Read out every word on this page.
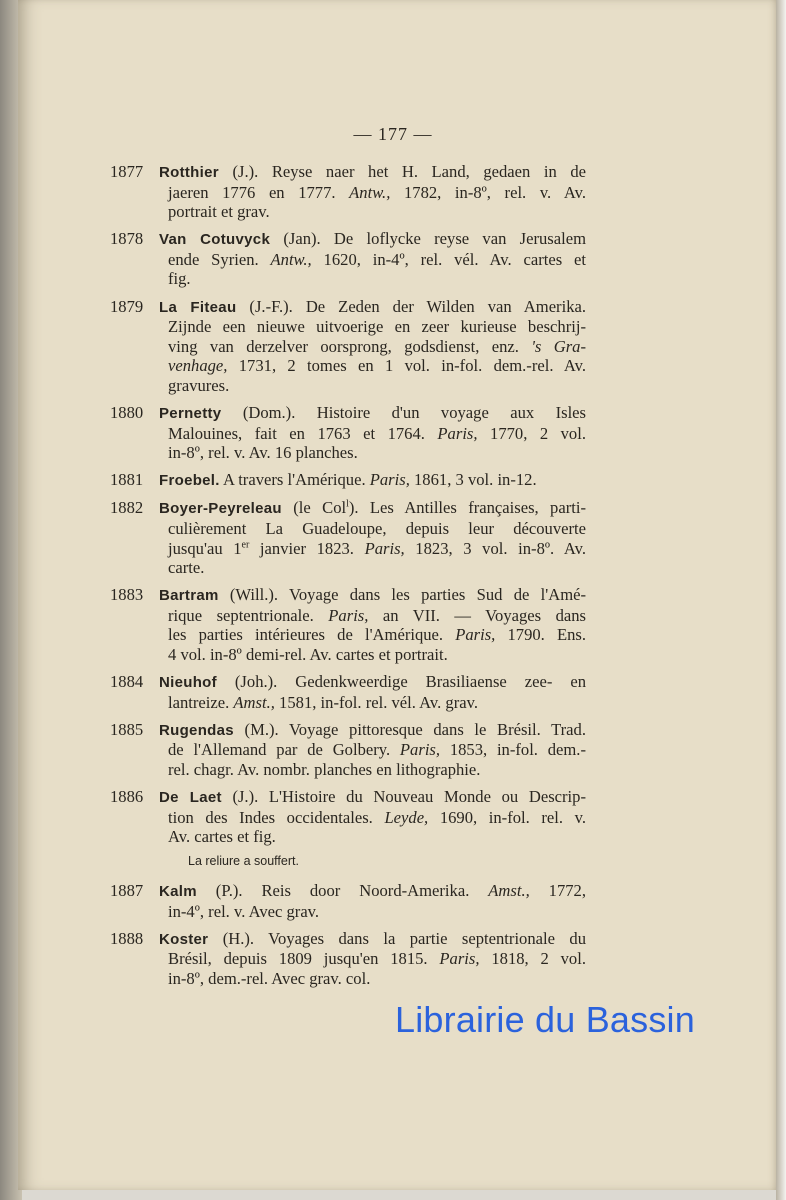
— 177 —
1877 Rotthier (J.). Reyse naer het H. Land, gedaen in de
jaeren 1776 en 1777. Antw., 1782, in-8º, rel. v. Av.
portrait et grav.
1878 Van Cotuvyck (Jan). De loflycke reyse van Jerusalem
ende Syrien. Antw., 1620, in-4º, rel. vél. Av. cartes et
fig.
1879 La Fiteau (J.-F.). De Zeden der Wilden van Amerika.
Zijnde een nieuwe uitvoerige en zeer kurieuse beschrij-
ving van derzelver oorsprong, godsdienst, enz. 's Gra-
venhage, 1731, 2 tomes en 1 vol. in-fol. dem.-rel. Av.
gravures.
1880 Pernetty (Dom.). Histoire d'un voyage aux Isles
Malouines, fait en 1763 et 1764. Paris, 1770, 2 vol.
in-8º, rel. v. Av. 16 planches.
1881 Froebel. A travers l'Amérique. Paris, 1861, 3 vol. in-12.
1882 Boyer-Peyreleau (le Col$^l$). Les Antilles françaises, parti-
culièrement La Guadeloupe, depuis leur découverte
jusqu'au 1er janvier 1823. Paris, 1823, 3 vol. in-8º. Av.
carte.
1883 Bartram (Will.). Voyage dans les parties Sud de l'Amé-
rique septentrionale. Paris, an VII. — Voyages dans
les parties intérieures de l'Amérique. Paris, 1790. Ens.
4 vol. in-8º demi-rel. Av. cartes et portrait.
1884 Nieuhof (Joh.). Gedenkweerdige Brasiliaense zee- en
lantreize. Amst., 1581, in-fol. rel. vél. Av. grav.
1885 Rugendas (M.). Voyage pittoresque dans le Brésil. Trad.
de l'Allemand par de Golbery. Paris, 1853, in-fol. dem.-
rel. chagr. Av. nombr. planches en lithographie.
1886 De Laet (J.). L'Histoire du Nouveau Monde ou Descrip-
tion des Indes occidentales. Leyde, 1690, in-fol. rel. v.
Av. cartes et fig.
La reliure a souffert.
1887 Kalm (P.). Reis door Noord-Amerika. Amst., 1772,
in-4º, rel. v. Avec grav.
1888 Koster (H.). Voyages dans la partie septentrionale du
Brésil, depuis 1809 jusqu'en 1815. Paris, 1818, 2 vol.
in-8º, dem.-rel. Avec grav. col.
Librairie du Bassin
